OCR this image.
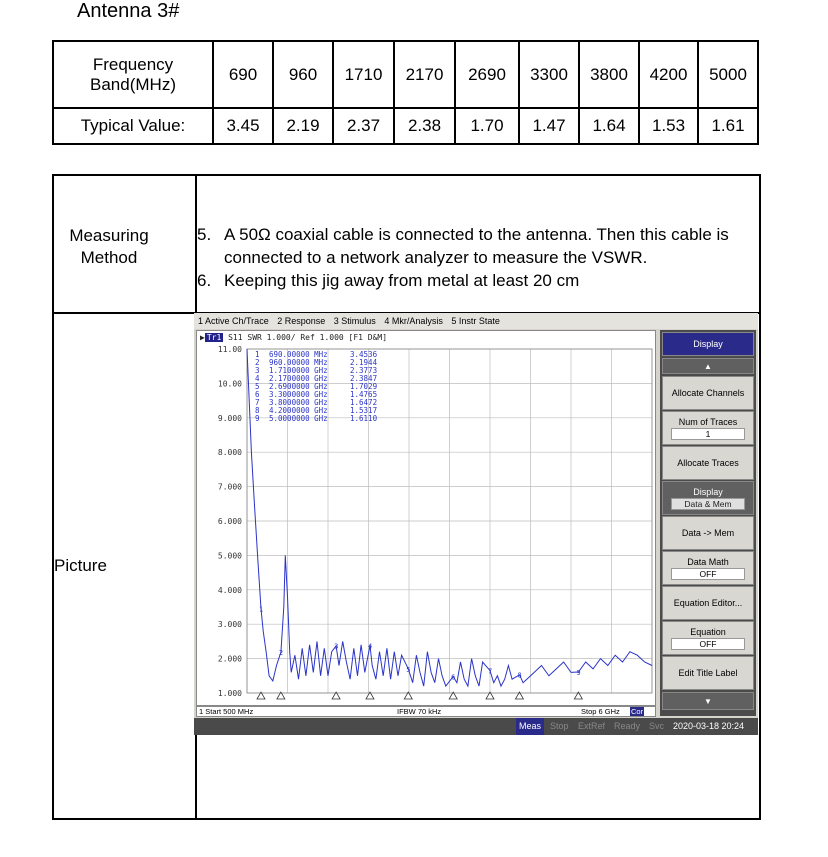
Antenna 3#
Frequency Band(MHz)	690	960	1710	2170	2690	3300	3800	4200	5000
Typical Value:	3.45	2.19	2.37	2.38	1.70	1.47	1.64	1.53	1.61
Measuring Method
Picture
5. A 50Ω coaxial cable is connected to the antenna. Then this cable is connected to a network analyzer to measure the VSWR.
6. Keeping this jig away from metal at least 20 cm
1 Active Ch/Trace 2 Response 3 Stimulus 4 Mkr/Analysis 5 Instr State
▶ Tr1 S11 SWR 1.000/ Ref 1.000 [F1 D&M]
11.00
10.00
9.000
8.000
7.000
6.000
5.000
4.000
3.000
2.000
1.000
1
2
3	4
5
6
7	8	9
1 690.00000 MHz	3.4536
2 960.00000 MHz	2.1944
3 1.7100000 GHz	2.3773
4 2.1700000 GHz	2.3847
5 2.6900000 GHz	1.7029
6 3.3000000 GHz	1.4765
7 3.8000000 GHz	1.6472
8 4.2000000 GHz	1.5317
9 5.0000000 GHz	1.6110
1 Start 500 MHz	IFBW 70 kHz	Stop 6 GHz Cor
Display
▲
Allocate Channels
Num of Traces
1
Allocate Traces
Display
Data & Mem
Data -> Mem
Data Math
OFF
Equation Editor...
Equation
OFF
Edit Title Label
▼
Meas Stop ExtRef Ready Svc 2020-03-18 20:24
